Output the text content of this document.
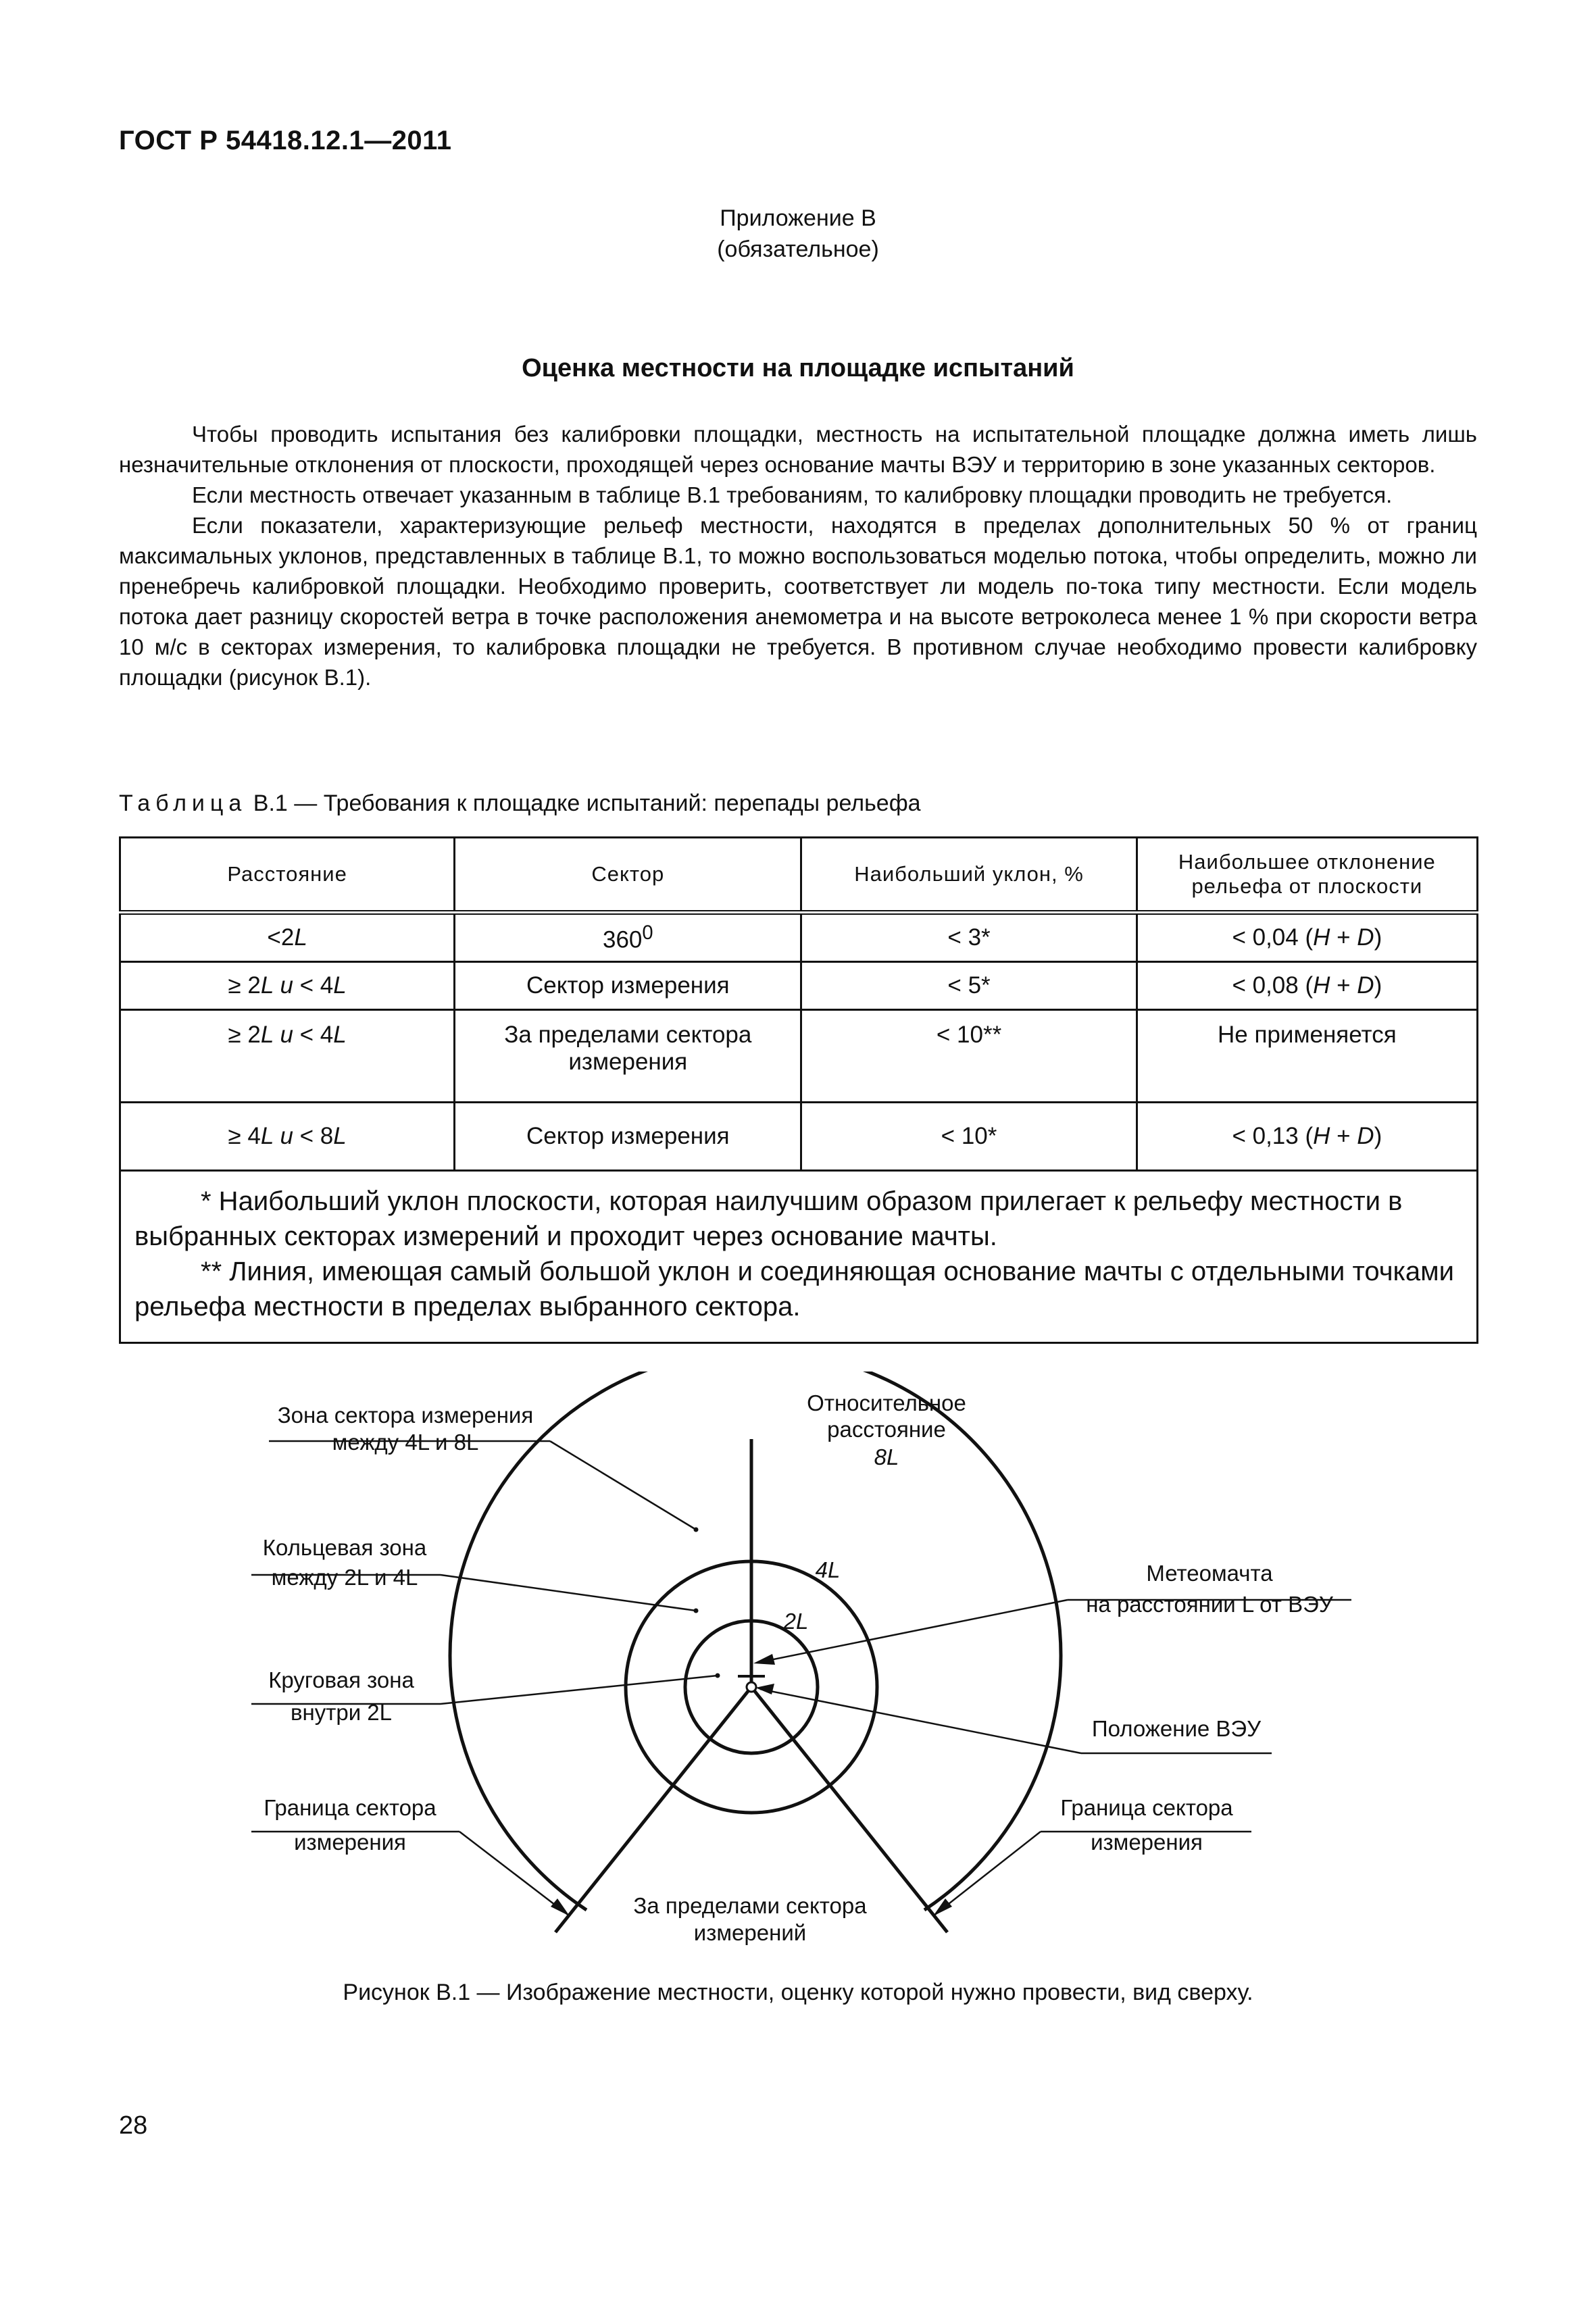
ГОСТ Р 54418.12.1—2011
Приложение В
(обязательное)
Оценка местности на площадке испытаний

Чтобы проводить испытания без калибровки площадки, местность на испытательной площадке должна иметь лишь незначительные отклонения от плоскости, проходящей через основание мачты ВЭУ и территорию в зоне указанных секторов.

Если местность отвечает указанным в таблице В.1 требованиям, то калибровку площадки проводить не требуется.

Если показатели, характеризующие рельеф местности, находятся в пределах дополнительных 50 % от границ максимальных уклонов, представленных в таблице В.1, то можно воспользоваться моделью потока, чтобы определить, можно ли пренебречь калибровкой площадки. Необходимо проверить, соответствует ли модель по-тока типу местности. Если модель потока дает разницу скоростей ветра в точке расположения анемометра и на высоте ветроколеса менее 1 % при скорости ветра 10 м/с в секторах измерения, то калибровка площадки не требуется. В противном случае необходимо провести калибровку площадки (рисунок В.1).

Таблица В.1 — Требования к площадке испытаний: перепады рельефа
Расстояние	Сектор	Наибольший уклон, %	Наибольшее отклонение рельефа от плоскости
<2L	$360^0$	< 3*	< 0,04 (H + D)
≥ 2L u < 4L	Сектор измерения	< 5*	< 0,08 (H + D)
≥ 2L u < 4L	За пределами сектора измерения	< 10**	Не применяется
≥ 4L u < 8L	Сектор измерения	< 10*	< 0,13 (H + D)

* Наибольший уклон плоскости, которая наилучшим образом прилегает к рельефу местности в выбранных секторах измерений и проходит через основание мачты.

** Линия, имеющая самый большой уклон и соединяющая основание мачты с отдельными точками рельефа местности в пределах выбранного сектора.			

Зона сектора измерения
между 4L и 8L
Кольцевая зона
между 2L и 4L
Круговая зона
внутри 2L
Граница сектора
измерения
Относительное
расстояние
8L
4L
2L
Метеомачта
на расстоянии L от ВЭУ
Положение ВЭУ
Граница сектора
измерения
За пределами сектора
измерений
Рисунок В.1 — Изображение местности, оценку которой нужно провести, вид сверху.
28
